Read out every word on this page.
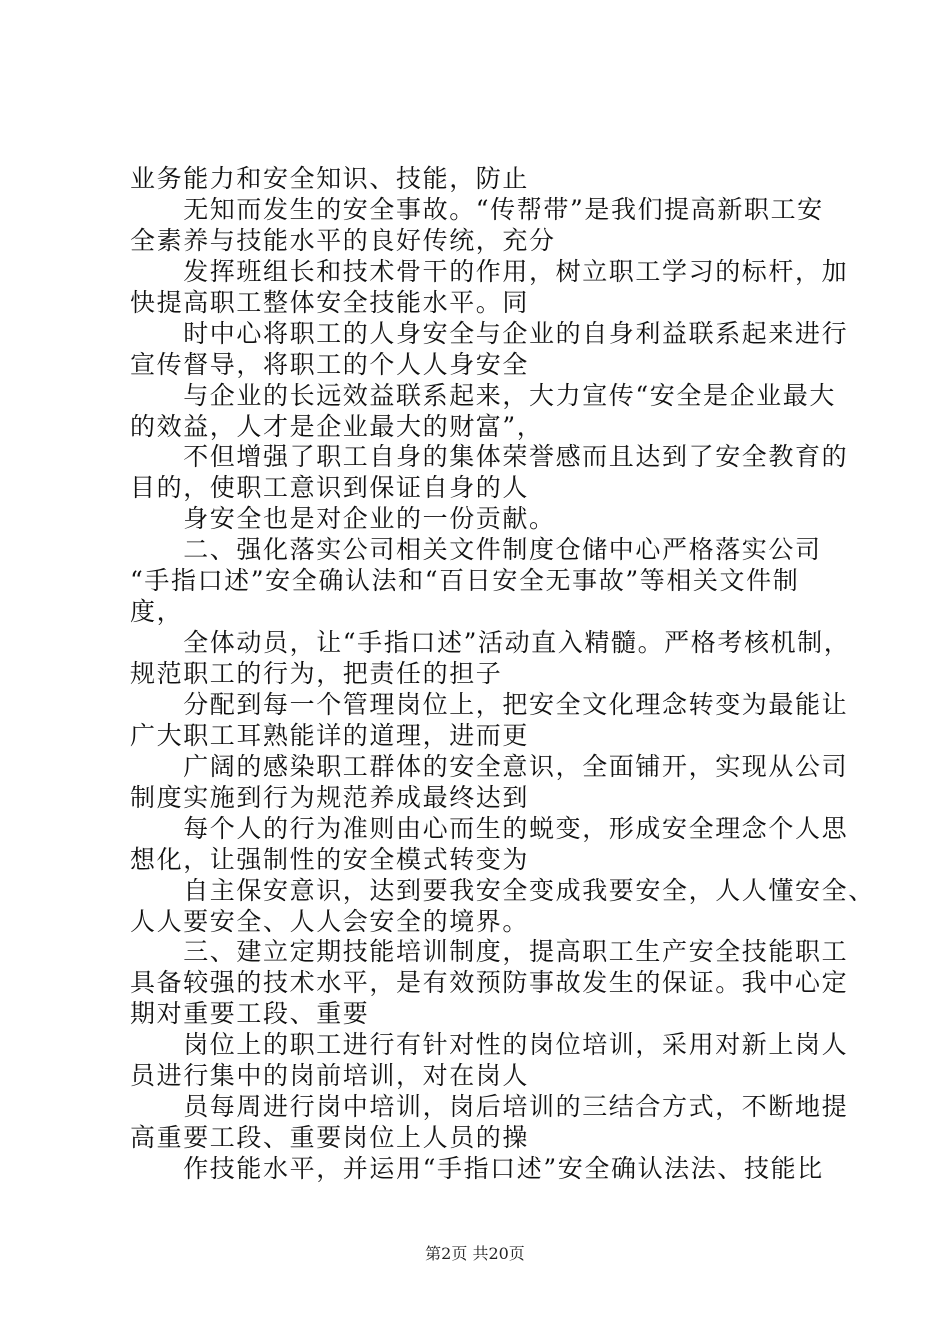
业务能力和安全知识、技能，防止
　　无知而发生的安全事故。“传帮带”是我们提高新职工安
全素养与技能水平的良好传统，充分
　　发挥班组长和技术骨干的作用，树立职工学习的标杆，加
快提高职工整体安全技能水平。同
　　时中心将职工的人身安全与企业的自身利益联系起来进行
宣传督导，将职工的个人人身安全
　　与企业的长远效益联系起来，大力宣传“安全是企业最大
的效益，人才是企业最大的财富”，
　　不但增强了职工自身的集体荣誉感而且达到了安全教育的
目的，使职工意识到保证自身的人
　　身安全也是对企业的一份贡献。
　　二、强化落实公司相关文件制度仓储中心严格落实公司
“手指口述”安全确认法和“百日安全无事故”等相关文件制
度，
　　全体动员，让“手指口述”活动直入精髓。严格考核机制，
规范职工的行为，把责任的担子
　　分配到每一个管理岗位上，把安全文化理念转变为最能让
广大职工耳熟能详的道理，进而更
　　广阔的感染职工群体的安全意识，全面铺开，实现从公司
制度实施到行为规范养成最终达到
　　每个人的行为准则由心而生的蜕变，形成安全理念个人思
想化，让强制性的安全模式转变为
　　自主保安意识，达到要我安全变成我要安全，人人懂安全、
人人要安全、人人会安全的境界。
　　三、建立定期技能培训制度，提高职工生产安全技能职工
具备较强的技术水平，是有效预防事故发生的保证。我中心定
期对重要工段、重要
　　岗位上的职工进行有针对性的岗位培训，采用对新上岗人
员进行集中的岗前培训，对在岗人
　　员每周进行岗中培训，岗后培训的三结合方式，不断地提
高重要工段、重要岗位上人员的操
　　作技能水平，并运用“手指口述”安全确认法法、技能比
第2页 共20页
